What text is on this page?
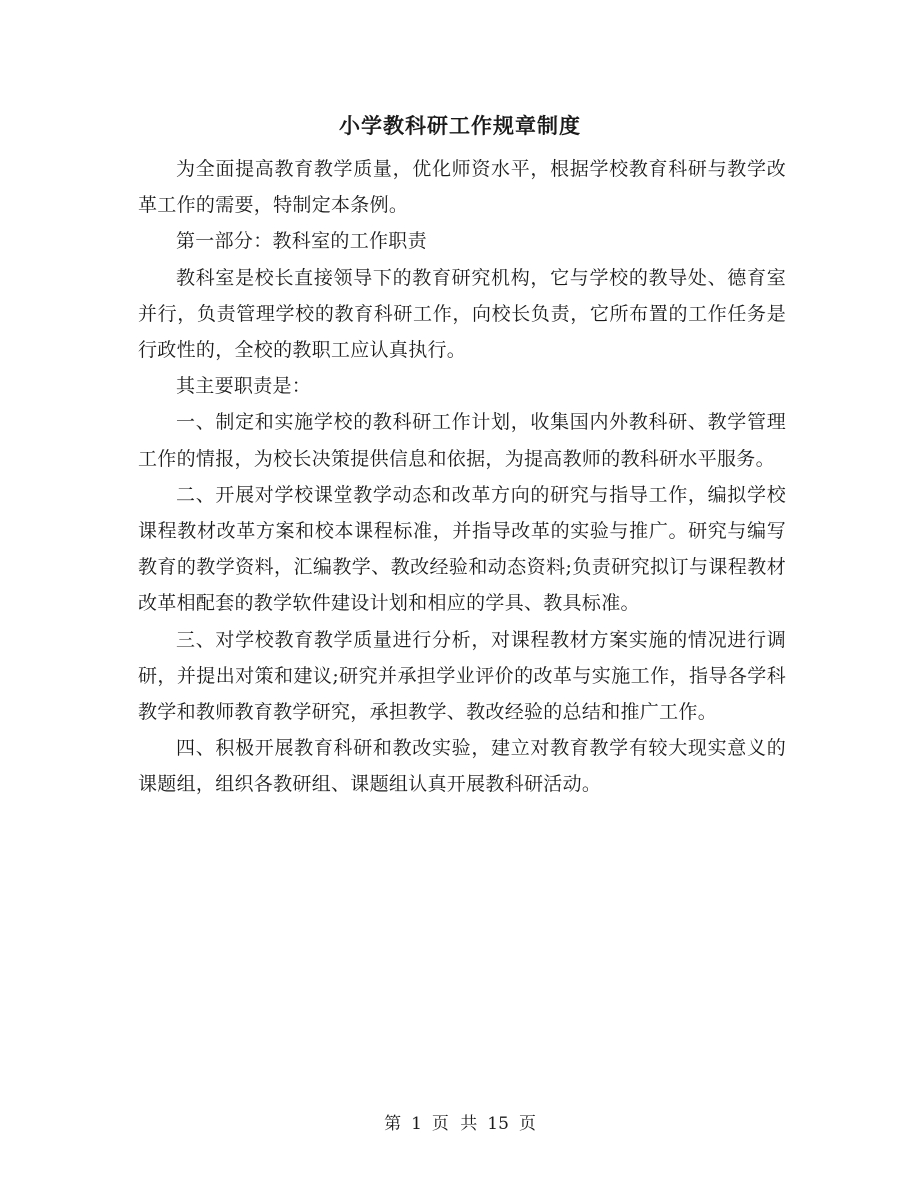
小学教科研工作规章制度

为全面提高教育教学质量，优化师资水平，根据学校教育科研与教学改革工作的需要，特制定本条例。

第一部分：教科室的工作职责

教科室是校长直接领导下的教育研究机构，它与学校的教导处、德育室并行，负责管理学校的教育科研工作，向校长负责，它所布置的工作任务是行政性的，全校的教职工应认真执行。

其主要职责是：

一、制定和实施学校的教科研工作计划，收集国内外教科研、教学管理工作的情报，为校长决策提供信息和依据，为提高教师的教科研水平服务。

二、开展对学校课堂教学动态和改革方向的研究与指导工作，编拟学校课程教材改革方案和校本课程标准，并指导改革的实验与推广。研究与编写教育的教学资料，汇编教学、教改经验和动态资料;负责研究拟订与课程教材改革相配套的教学软件建设计划和相应的学具、教具标准。

三、对学校教育教学质量进行分析，对课程教材方案实施的情况进行调研，并提出对策和建议;研究并承担学业评价的改革与实施工作，指导各学科教学和教师教育教学研究，承担教学、教改经验的总结和推广工作。

四、积极开展教育科研和教改实验，建立对教育教学有较大现实意义的课题组，组织各教研组、课题组认真开展教科研活动。

第 1 页 共 15 页
